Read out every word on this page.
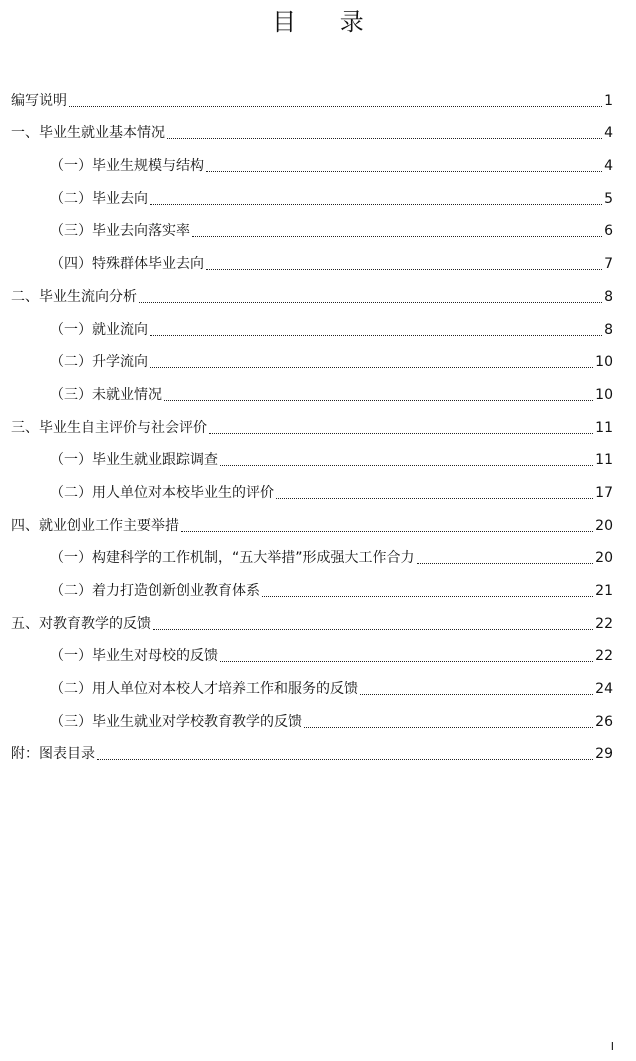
目 录
编写说明	1
一、毕业生就业基本情况	4
（一）毕业生规模与结构	4
（二）毕业去向	5
（三）毕业去向落实率	6
（四）特殊群体毕业去向	7
二、毕业生流向分析	8
（一）就业流向	8
（二）升学流向	10
（三）未就业情况	10
三、毕业生自主评价与社会评价	11
（一）毕业生就业跟踪调查	11
（二）用人单位对本校毕业生的评价	17
四、就业创业工作主要举措	20
（一）构建科学的工作机制，“五大举措”形成强大工作合力	20
（二）着力打造创新创业教育体系	21
五、对教育教学的反馈	22
（一）毕业生对母校的反馈	22
（二）用人单位对本校人才培养工作和服务的反馈	24
（三）毕业生就业对学校教育教学的反馈	26
附：图表目录	29
I
